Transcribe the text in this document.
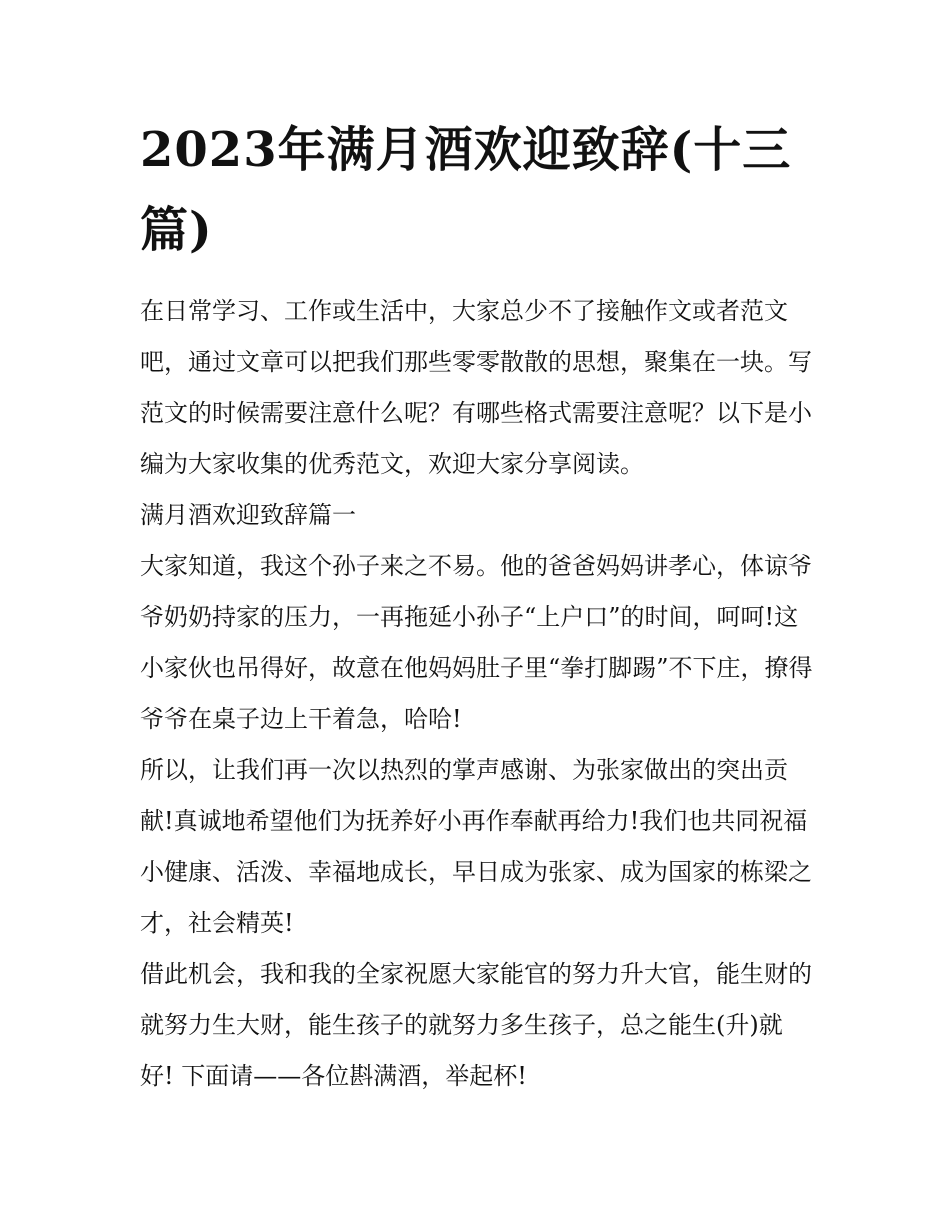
2023年满月酒欢迎致辞(十三篇)

在日常学习、工作或生活中，大家总少不了接触作文或者范文吧，通过文章可以把我们那些零零散散的思想，聚集在一块。写范文的时候需要注意什么呢？有哪些格式需要注意呢？以下是小编为大家收集的优秀范文，欢迎大家分享阅读。

满月酒欢迎致辞篇一

大家知道，我这个孙子来之不易。他的爸爸妈妈讲孝心，体谅爷爷奶奶持家的压力，一再拖延小孙子“上户口”的时间，呵呵!这小家伙也吊得好，故意在他妈妈肚子里“拳打脚踢”不下庄，撩得爷爷在桌子边上干着急，哈哈!

所以，让我们再一次以热烈的掌声感谢、为张家做出的突出贡献!真诚地希望他们为抚养好小再作奉献再给力!我们也共同祝福小健康、活泼、幸福地成长，早日成为张家、成为国家的栋梁之才，社会精英!

借此机会，我和我的全家祝愿大家能官的努力升大官，能生财的就努力生大财，能生孩子的就努力多生孩子，总之能生(升)就好! 下面请——各位斟满酒，举起杯!
